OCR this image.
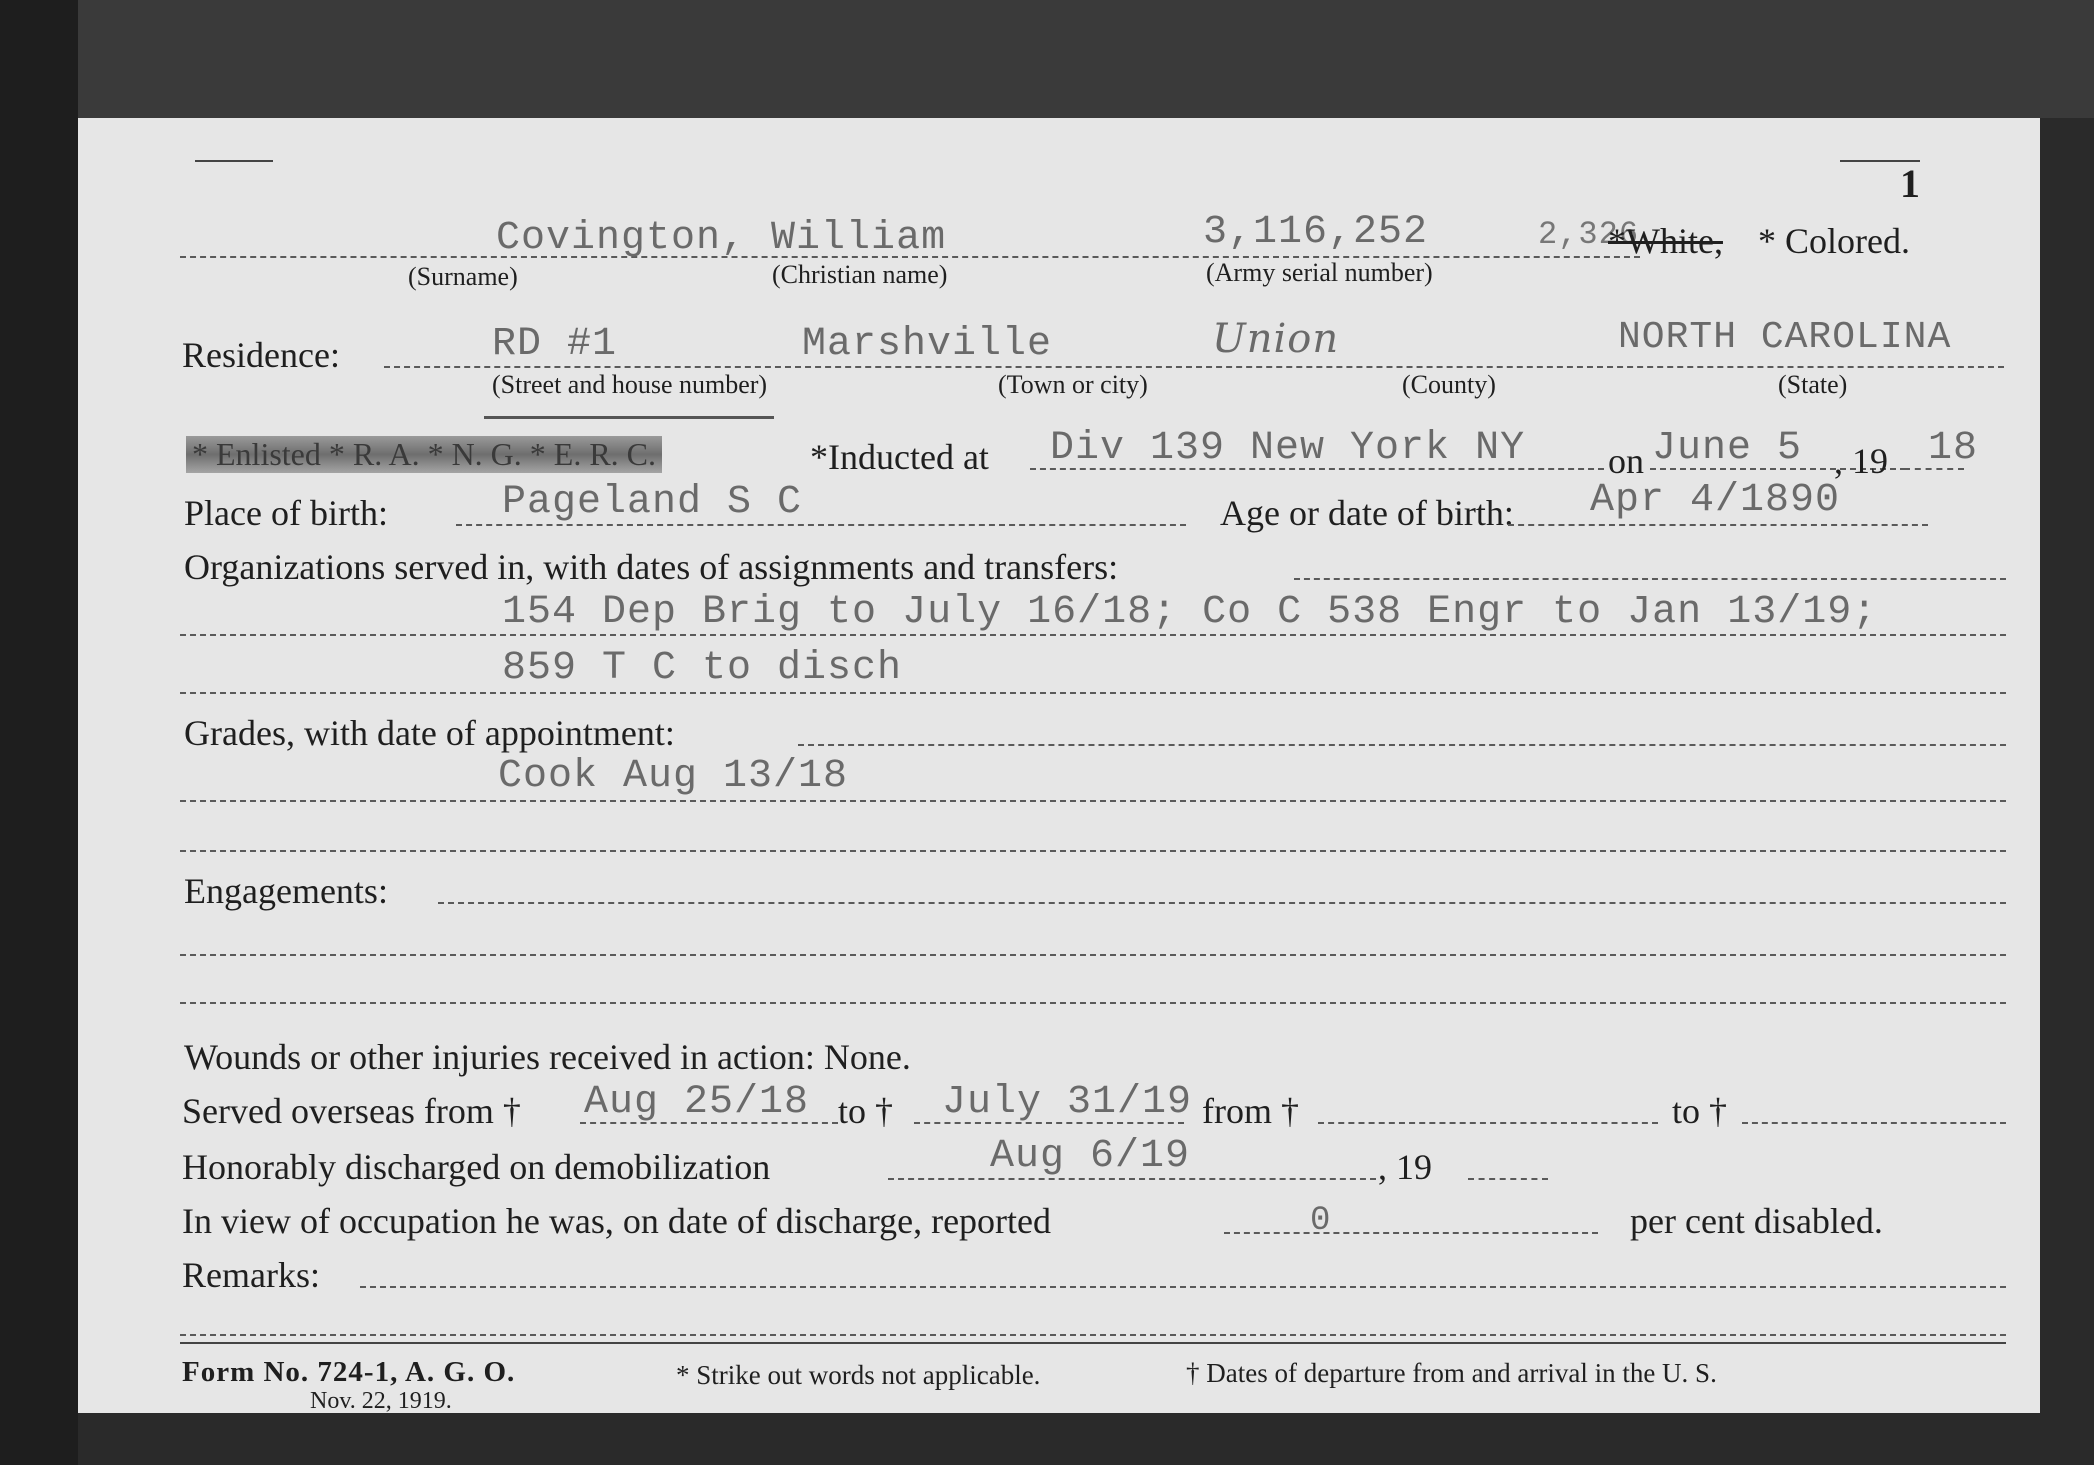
1
Covington, William	3,116,252	2,326
*White, * Colored.
(Surname)	(Christian name)	(Army serial number)
Residence:	RD #1	Marshville	Union	NORTH CAROLINA
(Street and house number)	(Town or city)	(County)	(State)
* Enlisted * R. A. * N. G. * E. R. C.	*Inducted at Div 139 New York NY on June 5 , 19 18
Place of birth:	Pageland S C	Age or date of birth: Apr 4/1890
Organizations served in, with dates of assignments and transfers:
154 Dep Brig to July 16/18; Co C 538 Engr to Jan 13/19;
859 T C to disch
Grades, with date of appointment:
Cook Aug 13/18
Engagements:
Wounds or other injuries received in action: None.
Served overseas from † Aug 25/18 to † July 31/19 from †	to †
Honorably discharged on demobilization	Aug 6/19	, 19
In view of occupation he was, on date of discharge, reported	0	per cent disabled.
Remarks:
Form No. 724-1, A. G. O.
Nov. 22, 1919.
* Strike out words not applicable.	† Dates of departure from and arrival in the U. S.
